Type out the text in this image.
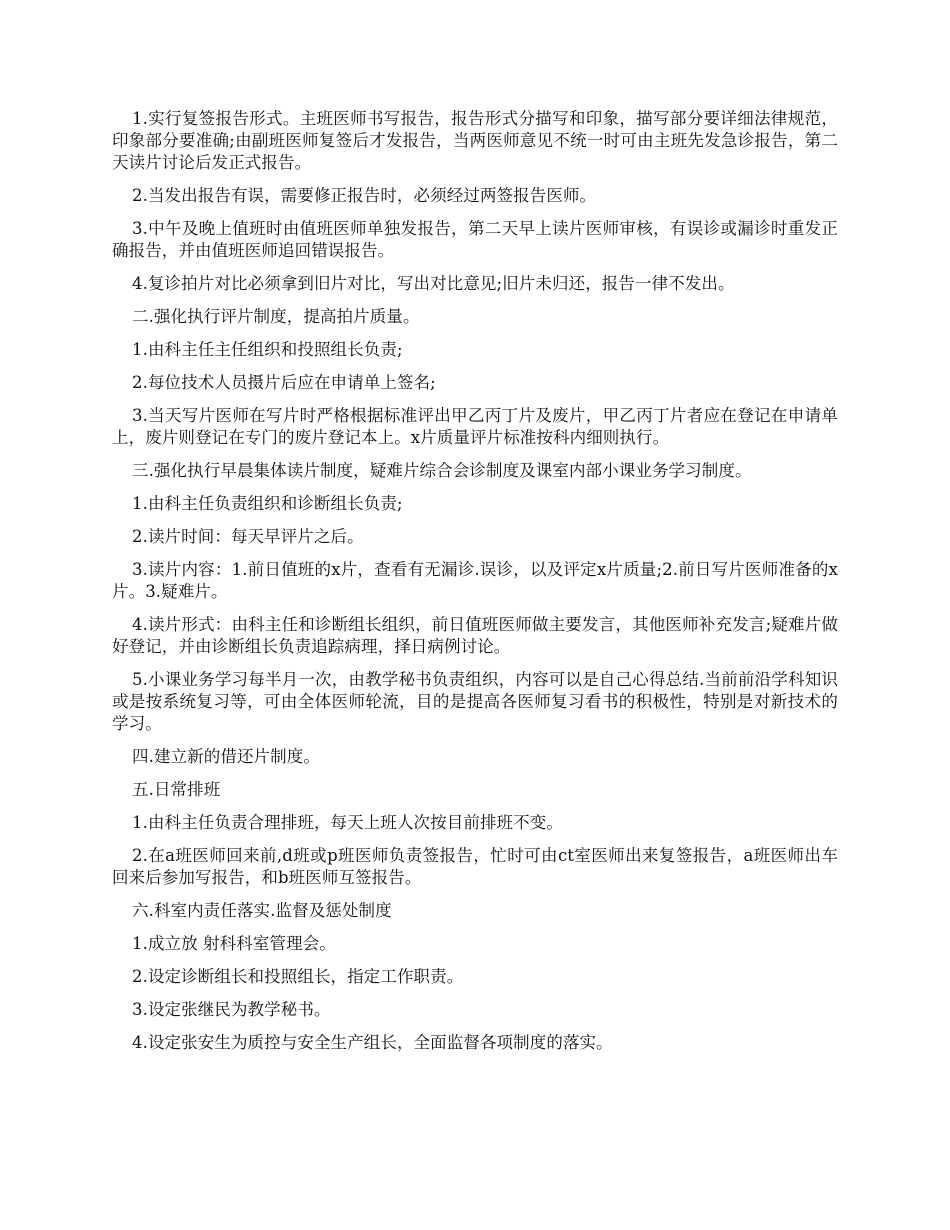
1.实行复签报告形式。主班医师书写报告，报告形式分描写和印象，描写部分要详细法律规范，印象部分要准确;由副班医师复签后才发报告，当两医师意见不统一时可由主班先发急诊报告，第二天读片讨论后发正式报告。

2.当发出报告有误，需要修正报告时，必须经过两签报告医师。

3.中午及晚上值班时由值班医师单独发报告，第二天早上读片医师审核，有误诊或漏诊时重发正确报告，并由值班医师追回错误报告。

4.复诊拍片对比必须拿到旧片对比，写出对比意见;旧片未归还，报告一律不发出。

二.强化执行评片制度，提高拍片质量。

1.由科主任主任组织和投照组长负责;

2.每位技术人员摄片后应在申请单上签名;

3.当天写片医师在写片时严格根据标准评出甲乙丙丁片及废片，甲乙丙丁片者应在登记在申请单上，废片则登记在专门的废片登记本上。x片质量评片标准按科内细则执行。

三.强化执行早晨集体读片制度，疑难片综合会诊制度及课室内部小课业务学习制度。

1.由科主任负责组织和诊断组长负责;

2.读片时间：每天早评片之后。

3.读片内容：1.前日值班的x片，查看有无漏诊.误诊，以及评定x片质量;2.前日写片医师准备的x片。3.疑难片。

4.读片形式：由科主任和诊断组长组织，前日值班医师做主要发言，其他医师补充发言;疑难片做好登记，并由诊断组长负责追踪病理，择日病例讨论。

5.小课业务学习每半月一次，由教学秘书负责组织，内容可以是自己心得总结.当前前沿学科知识或是按系统复习等，可由全体医师轮流，目的是提高各医师复习看书的积极性，特别是对新技术的学习。

四.建立新的借还片制度。

五.日常排班

1.由科主任负责合理排班，每天上班人次按目前排班不变。

2.在a班医师回来前,d班或p班医师负责签报告，忙时可由ct室医师出来复签报告，a班医师出车回来后参加写报告，和b班医师互签报告。

六.科室内责任落实.监督及惩处制度

1.成立放 射科科室管理会。

2.设定诊断组长和投照组长，指定工作职责。

3.设定张继民为教学秘书。

4.设定张安生为质控与安全生产组长，全面监督各项制度的落实。
